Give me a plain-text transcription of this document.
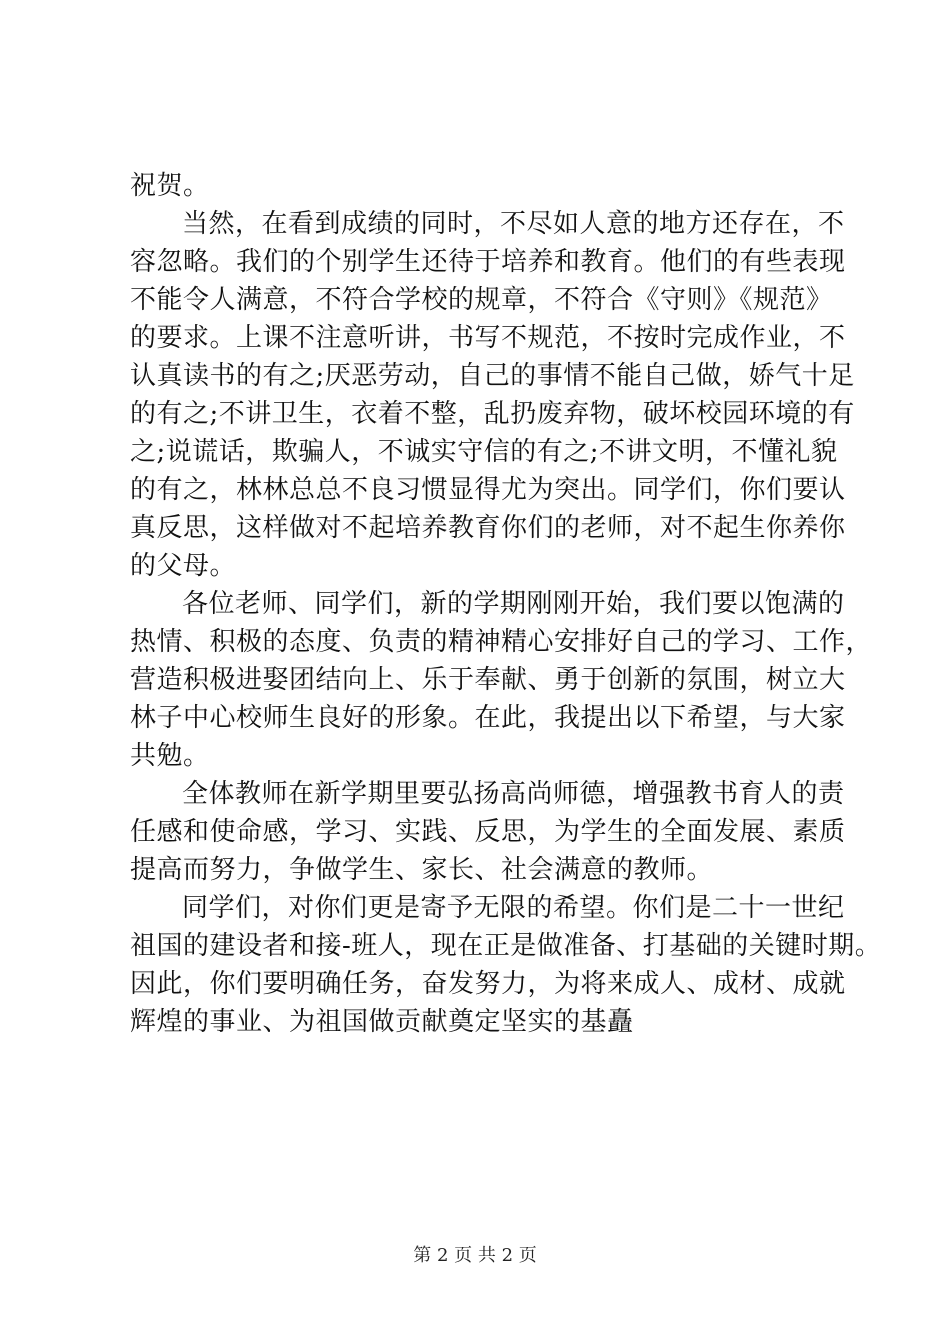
祝贺。
当然，在看到成绩的同时，不尽如人意的地方还存在，不
容忽略。我们的个别学生还待于培养和教育。他们的有些表现
不能令人满意，不符合学校的规章，不符合《守则》《规范》
的要求。上课不注意听讲，书写不规范，不按时完成作业，不
认真读书的有之;厌恶劳动，自己的事情不能自己做，娇气十足
的有之;不讲卫生，衣着不整，乱扔废弃物，破坏校园环境的有
之;说谎话，欺骗人，不诚实守信的有之;不讲文明，不懂礼貌
的有之，林林总总不良习惯显得尤为突出。同学们，你们要认
真反思，这样做对不起培养教育你们的老师，对不起生你养你
的父母。
各位老师、同学们，新的学期刚刚开始，我们要以饱满的
热情、积极的态度、负责的精神精心安排好自己的学习、工作，
营造积极进娶团结向上、乐于奉献、勇于创新的氛围，树立大
林子中心校师生良好的形象。在此，我提出以下希望，与大家
共勉。
全体教师在新学期里要弘扬高尚师德，增强教书育人的责
任感和使命感，学习、实践、反思，为学生的全面发展、素质
提高而努力，争做学生、家长、社会满意的教师。
同学们，对你们更是寄予无限的希望。你们是二十一世纪
祖国的建设者和接-班人，现在正是做准备、打基础的关键时期。
因此，你们要明确任务，奋发努力，为将来成人、成材、成就
辉煌的事业、为祖国做贡献奠定坚实的基矗
第 2 页 共 2 页
